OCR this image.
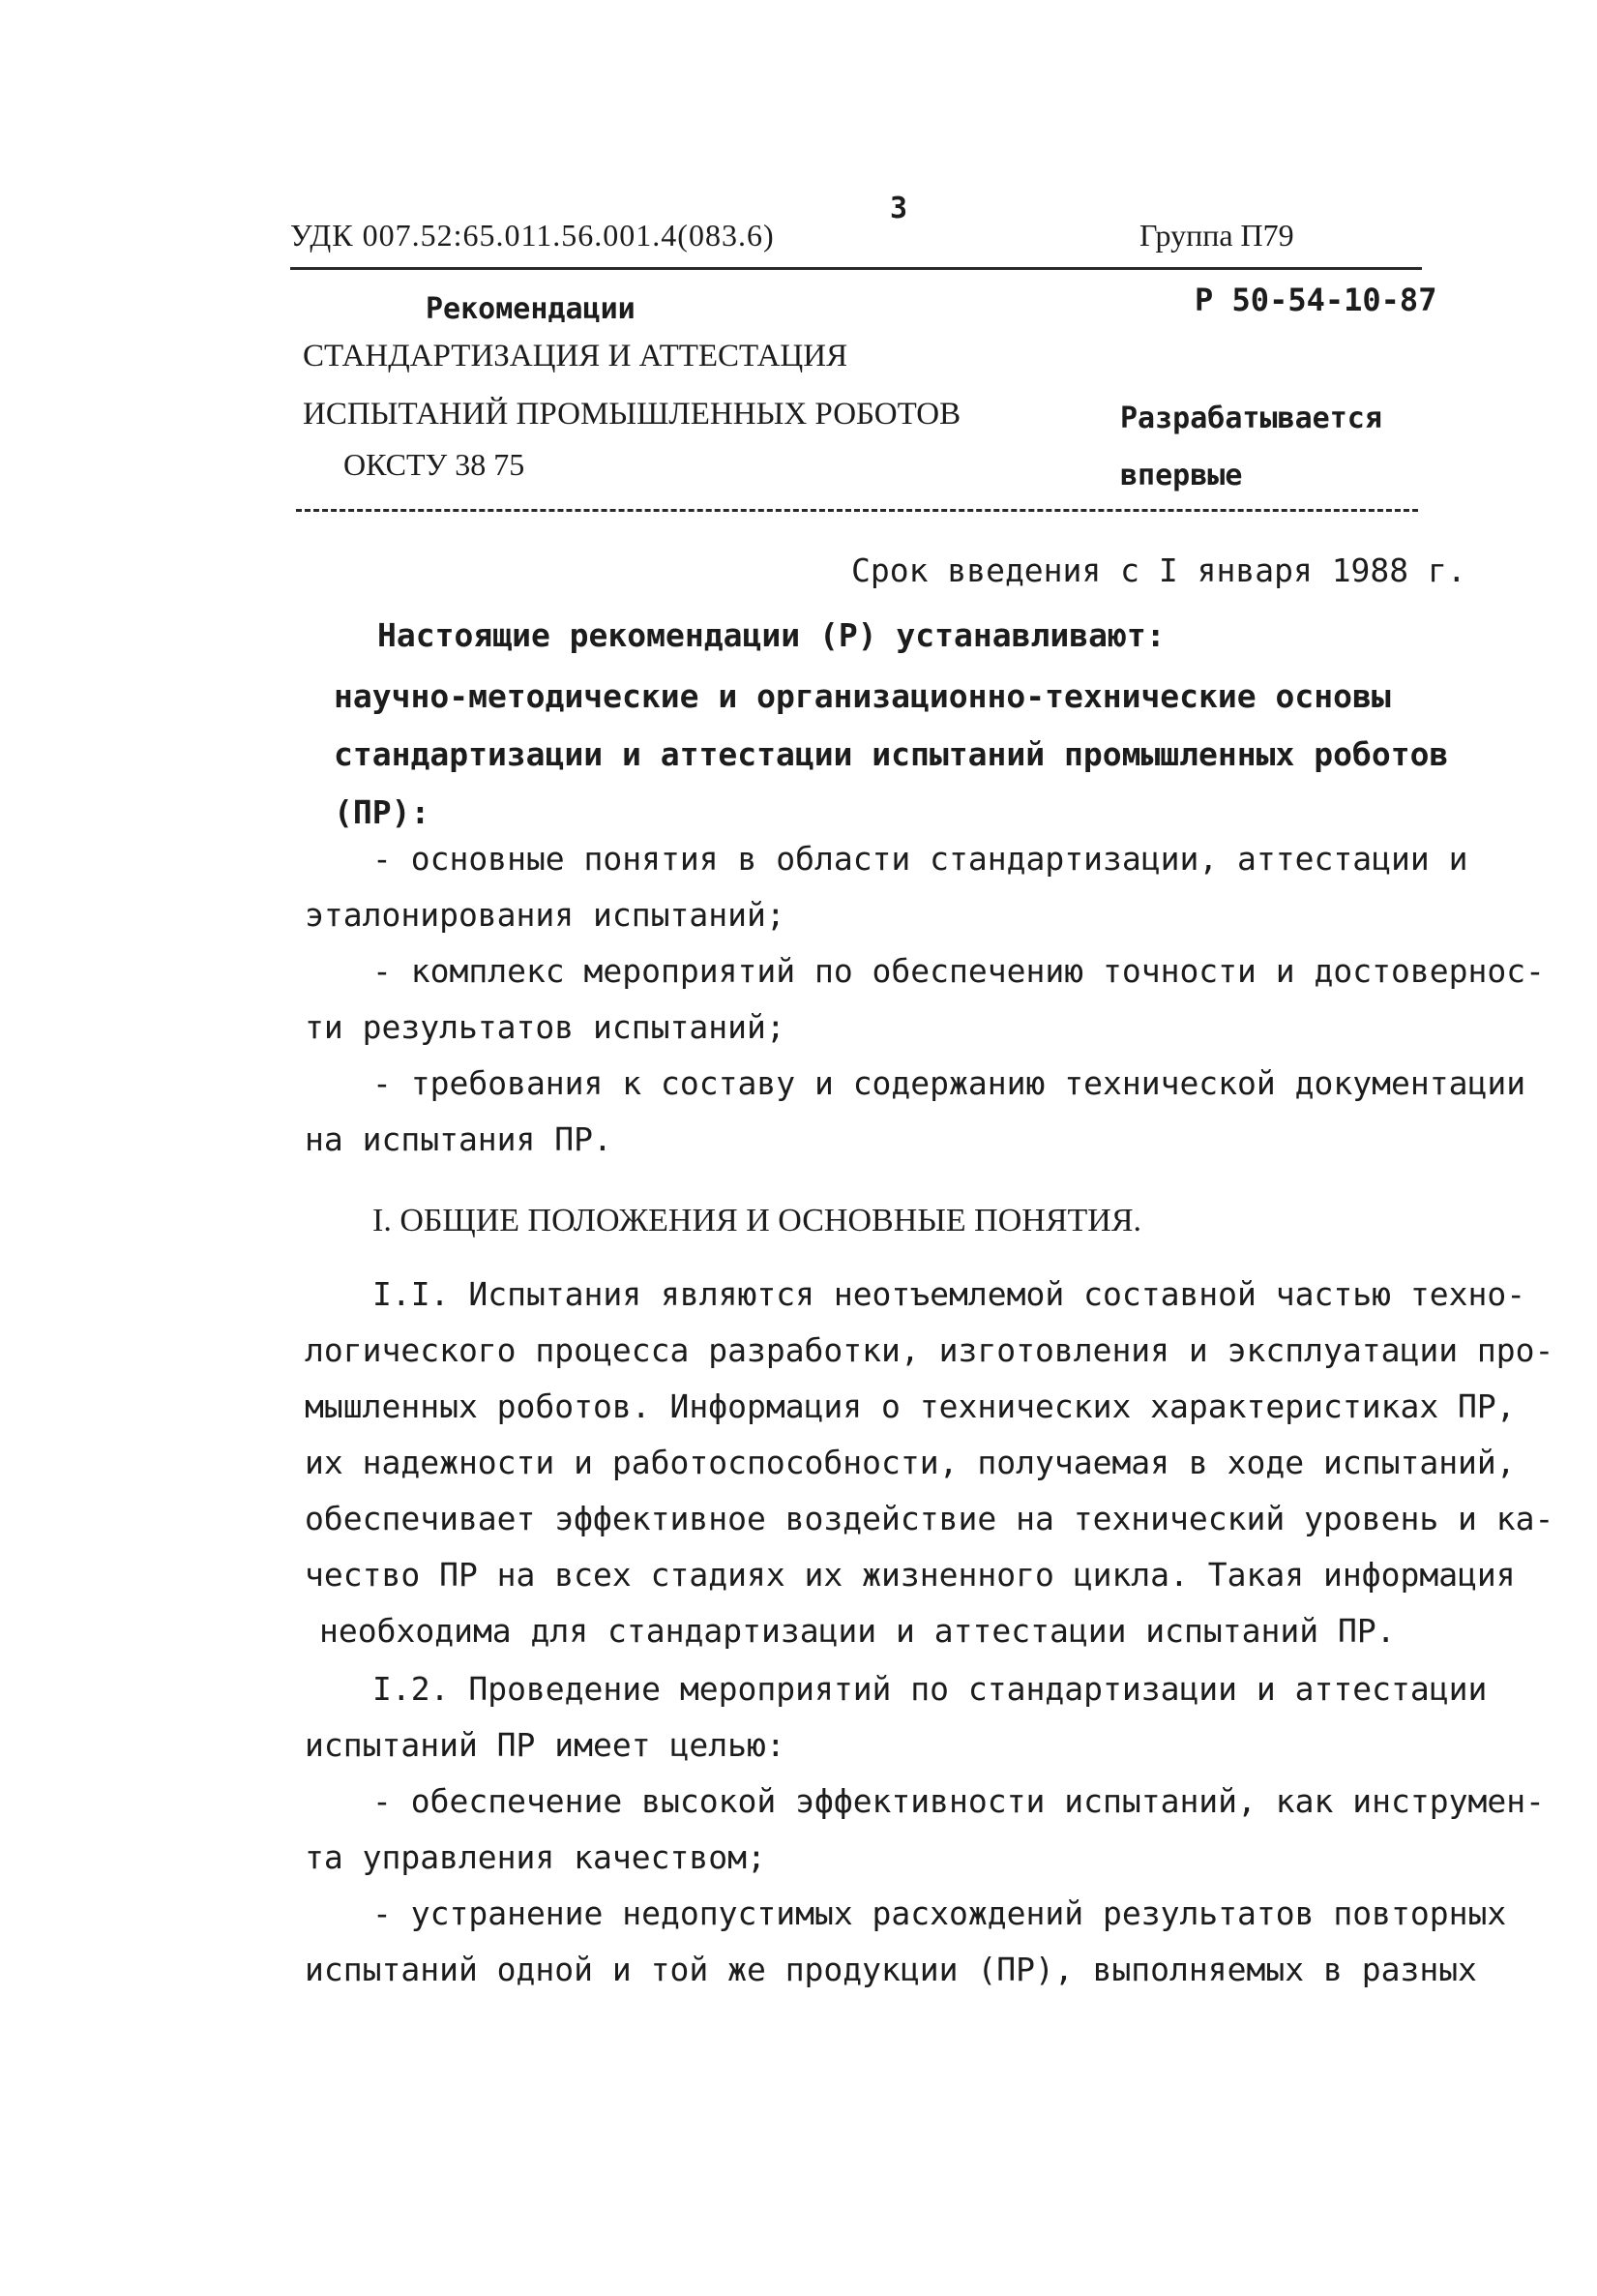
3
УДК 007.52:65.011.56.001.4(083.6)	Группа П79
Рекомендации	Р 50-54-10-87
СТАНДАРТИЗАЦИЯ И АТТЕСТАЦИЯ
ИСПЫТАНИЙ ПРОМЫШЛЕННЫХ РОБОТОВ
ОКСТУ 38 75
Разрабатывается
впервые
Срок введения с I января 1988 г.
Настоящие рекомендации (Р) устанавливают:
научно-методические и организационно-технические основы
стандартизации и аттестации испытаний промышленных роботов
(ПР):
- основные понятия в области стандартизации, аттестации и
эталонирования испытаний;
- комплекс мероприятий по обеспечению точности и достовернос-
ти результатов испытаний;
- требования к составу и содержанию технической документации
на испытания ПР.
I. ОБЩИЕ ПОЛОЖЕНИЯ И ОСНОВНЫЕ ПОНЯТИЯ.
I.I. Испытания являются неотъемлемой составной частью техно-
логического процесса разработки, изготовления и эксплуатации про-
мышленных роботов. Информация о технических характеристиках ПР,
их надежности и работоспособности, получаемая в ходе испытаний,
обеспечивает эффективное воздействие на технический уровень и ка-
чество ПР на всех стадиях их жизненного цикла. Такая информация
необходима для стандартизации и аттестации испытаний ПР.
I.2. Проведение мероприятий по стандартизации и аттестации
испытаний ПР имеет целью:
- обеспечение высокой эффективности испытаний, как инструмен-
та управления качеством;
- устранение недопустимых расхождений результатов повторных
испытаний одной и той же продукции (ПР), выполняемых в разных
